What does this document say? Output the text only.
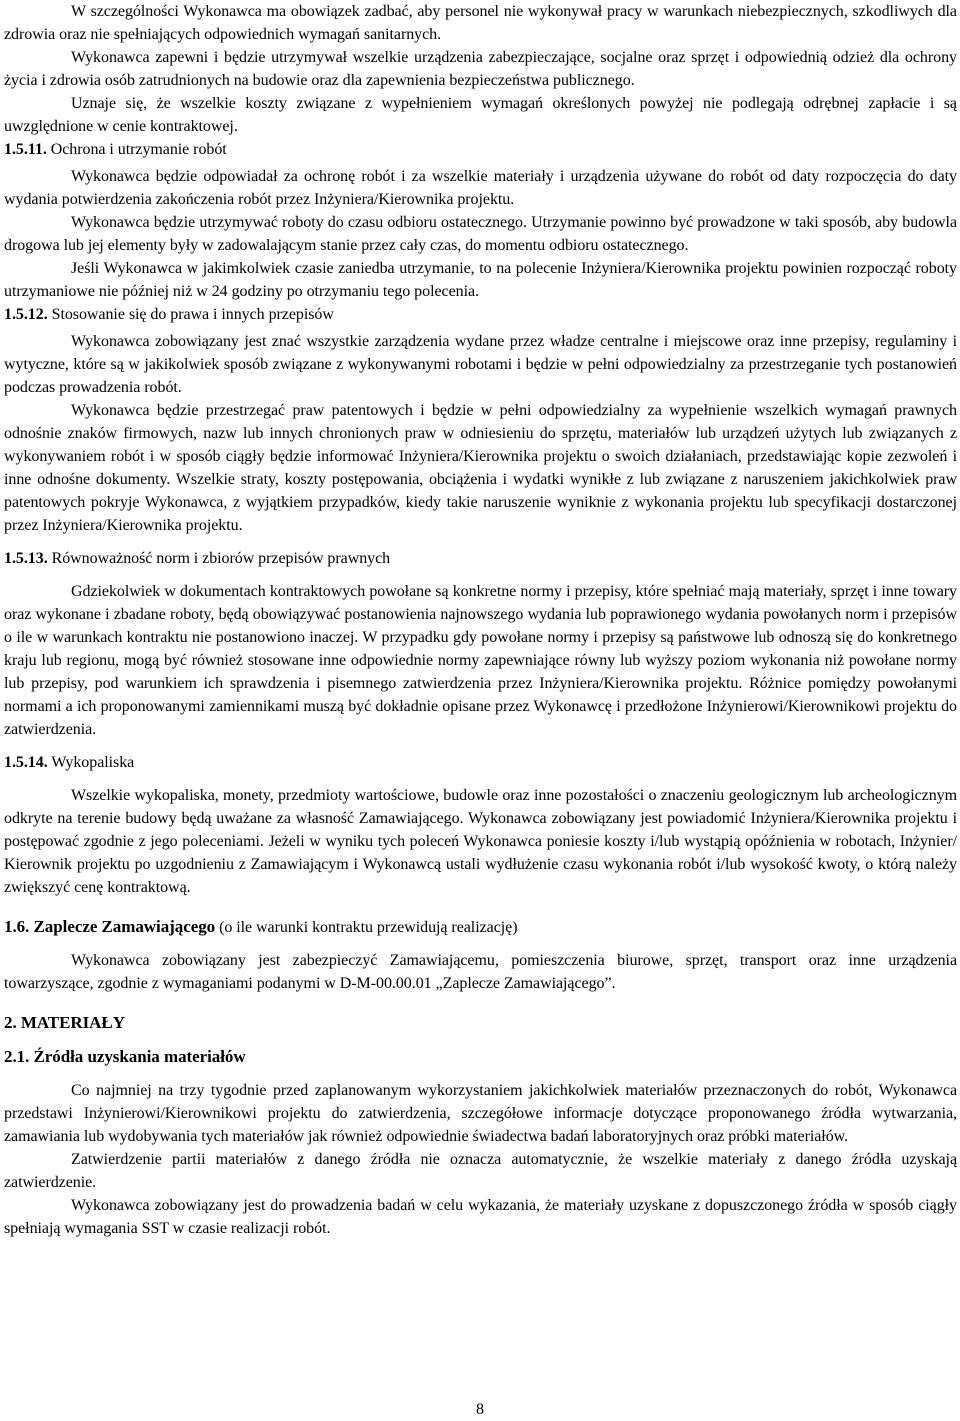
W szczególności Wykonawca ma obowiązek zadbać, aby personel nie wykonywał pracy w warunkach niebezpiecznych, szkodliwych dla zdrowia oraz nie spełniających odpowiednich wymagań sanitarnych.

Wykonawca zapewni i będzie utrzymywał wszelkie urządzenia zabezpieczające, socjalne oraz sprzęt i odpowiednią odzież dla ochrony życia i zdrowia osób zatrudnionych na budowie oraz dla zapewnienia bezpieczeństwa publicznego.

Uznaje się, że wszelkie koszty związane z wypełnieniem wymagań określonych powyżej nie podlegają odrębnej zapłacie i są uwzględnione w cenie kontraktowej.

1.5.11. Ochrona i utrzymanie robót

Wykonawca będzie odpowiadał za ochronę robót i za wszelkie materiały i urządzenia używane do robót od daty rozpoczęcia do daty wydania potwierdzenia zakończenia robót przez Inżyniera/Kierownika projektu.

Wykonawca będzie utrzymywać roboty do czasu odbioru ostatecznego. Utrzymanie powinno być prowadzone w taki sposób, aby budowla drogowa lub jej elementy były w zadowalającym stanie przez cały czas, do momentu odbioru ostatecznego.

Jeśli Wykonawca w jakimkolwiek czasie zaniedba utrzymanie, to na polecenie Inżyniera/Kierownika projektu powinien rozpocząć roboty utrzymaniowe nie później niż w 24 godziny po otrzymaniu tego polecenia.

1.5.12. Stosowanie się do prawa i innych przepisów

Wykonawca zobowiązany jest znać wszystkie zarządzenia wydane przez władze centralne i miejscowe oraz inne przepisy, regulaminy i wytyczne, które są w jakikolwiek sposób związane z wykonywanymi robotami i będzie w pełni odpowiedzialny za przestrzeganie tych postanowień podczas prowadzenia robót.

Wykonawca będzie przestrzegać praw patentowych i będzie w pełni odpowiedzialny za wypełnienie wszelkich wymagań prawnych odnośnie znaków firmowych, nazw lub innych chronionych praw w odniesieniu do sprzętu, materiałów lub urządzeń użytych lub związanych z wykonywaniem robót i w sposób ciągły będzie informować Inżyniera/Kierownika projektu o swoich działaniach, przedstawiając kopie zezwoleń i inne odnośne dokumenty. Wszelkie straty, koszty postępowania, obciążenia i wydatki wynikłe z lub związane z naruszeniem jakichkolwiek praw patentowych pokryje Wykonawca, z wyjątkiem przypadków, kiedy takie naruszenie wyniknie z wykonania projektu lub specyfikacji dostarczonej przez Inżyniera/Kierownika projektu.

1.5.13. Równoważność norm i zbiorów przepisów prawnych

Gdziekolwiek w dokumentach kontraktowych powołane są konkretne normy i przepisy, które spełniać mają materiały, sprzęt i inne towary oraz wykonane i zbadane roboty, będą obowiązywać postanowienia najnowszego wydania lub poprawionego wydania powołanych norm i przepisów o ile w warunkach kontraktu nie postanowiono inaczej. W przypadku gdy powołane normy i przepisy są państwowe lub odnoszą się do konkretnego kraju lub regionu, mogą być również stosowane inne odpowiednie normy zapewniające równy lub wyższy poziom wykonania niż powołane normy lub przepisy, pod warunkiem ich sprawdzenia i pisemnego zatwierdzenia przez Inżyniera/Kierownika projektu. Różnice pomiędzy powołanymi normami a ich proponowanymi zamiennikami muszą być dokładnie opisane przez Wykonawcę i przedłożone Inżynierowi/Kierownikowi projektu do zatwierdzenia.

1.5.14. Wykopaliska

Wszelkie wykopaliska, monety, przedmioty wartościowe, budowle oraz inne pozostałości o znaczeniu geologicznym lub archeologicznym odkryte na terenie budowy będą uważane za własność Zamawiającego. Wykonawca zobowiązany jest powiadomić Inżyniera/Kierownika projektu i postępować zgodnie z jego poleceniami. Jeżeli w wyniku tych poleceń Wykonawca poniesie koszty i/lub wystąpią opóźnienia w robotach, Inżynier/ Kierownik projektu po uzgodnieniu z Zamawiającym i Wykonawcą ustali wydłużenie czasu wykonania robót i/lub wysokość kwoty, o którą należy zwiększyć cenę kontraktową.

1.6. Zaplecze Zamawiającego (o ile warunki kontraktu przewidują realizację)

Wykonawca zobowiązany jest zabezpieczyć Zamawiającemu, pomieszczenia biurowe, sprzęt, transport oraz inne urządzenia towarzyszące, zgodnie z wymaganiami podanymi w D-M-00.00.01 „Zaplecze Zamawiającego”.

2. MATERIAŁY
2.1. Źródła uzyskania materiałów

Co najmniej na trzy tygodnie przed zaplanowanym wykorzystaniem jakichkolwiek materiałów przeznaczonych do robót, Wykonawca przedstawi Inżynierowi/Kierownikowi projektu do zatwierdzenia, szczegółowe informacje dotyczące proponowanego źródła wytwarzania, zamawiania lub wydobywania tych materiałów jak również odpowiednie świadectwa badań laboratoryjnych oraz próbki materiałów.

Zatwierdzenie partii materiałów z danego źródła nie oznacza automatycznie, że wszelkie materiały z danego źródła uzyskają zatwierdzenie.

Wykonawca zobowiązany jest do prowadzenia badań w celu wykazania, że materiały uzyskane z dopuszczonego źródła w sposób ciągły spełniają wymagania SST w czasie realizacji robót.

8
